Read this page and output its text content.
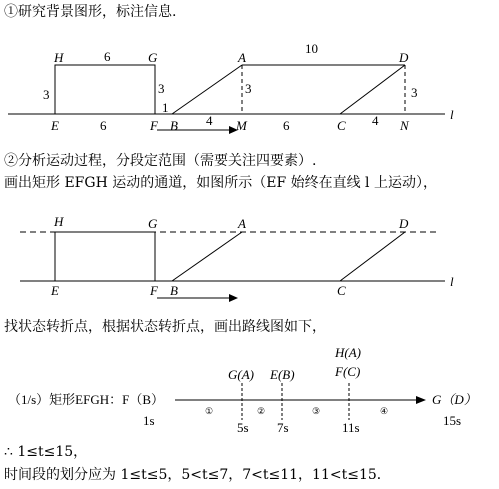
①研究背景图形，标注信息.
l
H	G	A	D
E	F B	M	C	N
6
10
3	3
1
3	3
6	4	6	4
②分析运动过程，分段定范围（需要关注四要素）.
画出矩形 EFGH 运动的通道，如图所示（EF 始终在直线 l 上运动），
l
H	G	A	D
E	F B	C
找状态转折点，根据状态转折点，画出路线图如下，
（1/s）矩形EFGH：F（B）	G（D）
G(A)
5s
E(B)
7s
H(A)
F(C)
11s
1s	15s
①	②	③	④
∴ 1≤t≤15，
时间段的划分应为 1≤t≤5，5<t≤7，7<t≤11，11<t≤15．
